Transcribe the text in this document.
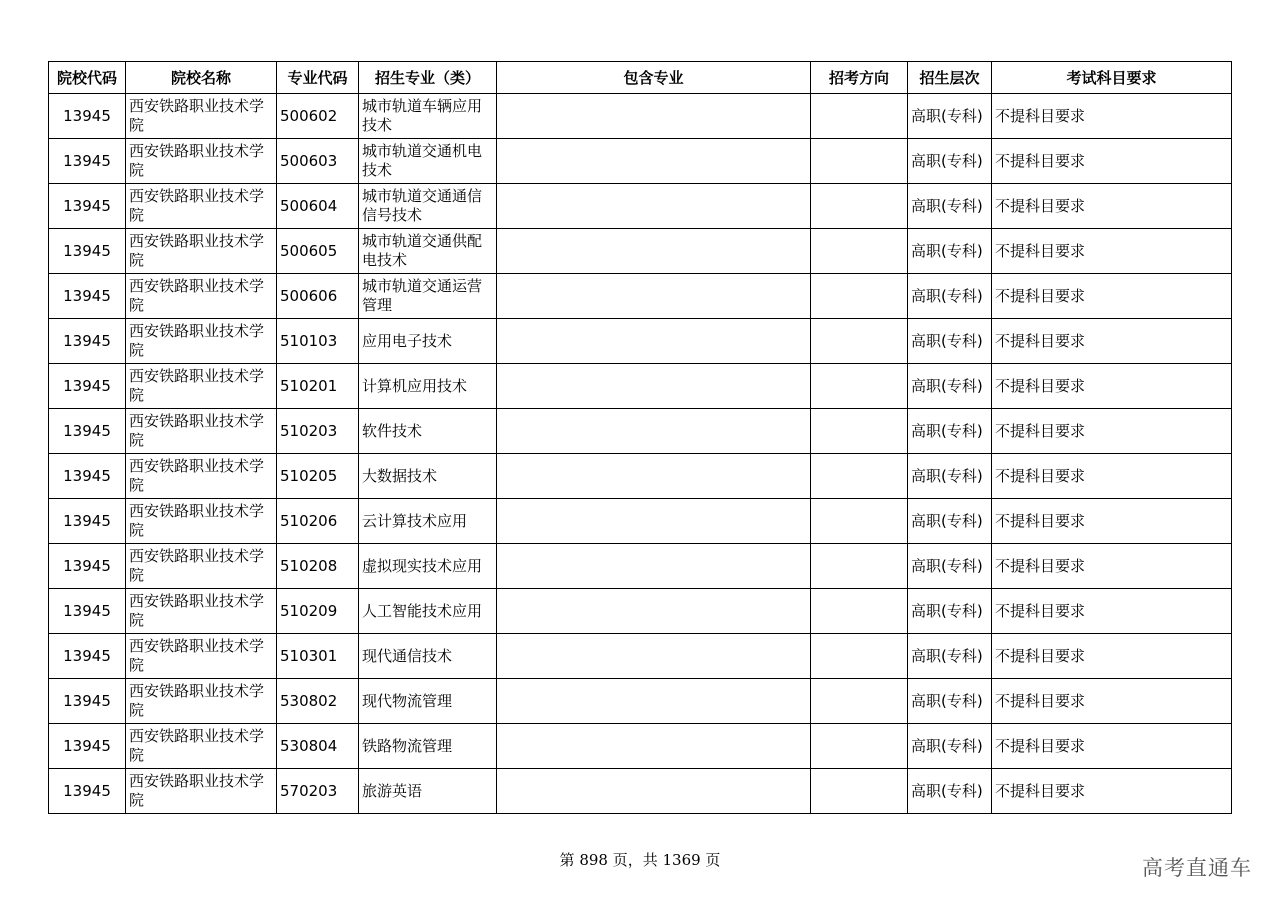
院校代码	院校名称	专业代码	招生专业（类）	包含专业	招考方向	招生层次	考试科目要求
13945	西安铁路职业技术学院	500602	城市轨道车辆应用技术			高职(专科)	不提科目要求
13945	西安铁路职业技术学院	500603	城市轨道交通机电技术			高职(专科)	不提科目要求
13945	西安铁路职业技术学院	500604	城市轨道交通通信信号技术			高职(专科)	不提科目要求
13945	西安铁路职业技术学院	500605	城市轨道交通供配电技术			高职(专科)	不提科目要求
13945	西安铁路职业技术学院	500606	城市轨道交通运营管理			高职(专科)	不提科目要求
13945	西安铁路职业技术学院	510103	应用电子技术			高职(专科)	不提科目要求
13945	西安铁路职业技术学院	510201	计算机应用技术			高职(专科)	不提科目要求
13945	西安铁路职业技术学院	510203	软件技术			高职(专科)	不提科目要求
13945	西安铁路职业技术学院	510205	大数据技术			高职(专科)	不提科目要求
13945	西安铁路职业技术学院	510206	云计算技术应用			高职(专科)	不提科目要求
13945	西安铁路职业技术学院	510208	虚拟现实技术应用			高职(专科)	不提科目要求
13945	西安铁路职业技术学院	510209	人工智能技术应用			高职(专科)	不提科目要求
13945	西安铁路职业技术学院	510301	现代通信技术			高职(专科)	不提科目要求
13945	西安铁路职业技术学院	530802	现代物流管理			高职(专科)	不提科目要求
13945	西安铁路职业技术学院	530804	铁路物流管理			高职(专科)	不提科目要求
13945	西安铁路职业技术学院	570203	旅游英语			高职(专科)	不提科目要求
第 898 页，共 1369 页	高考直通车
